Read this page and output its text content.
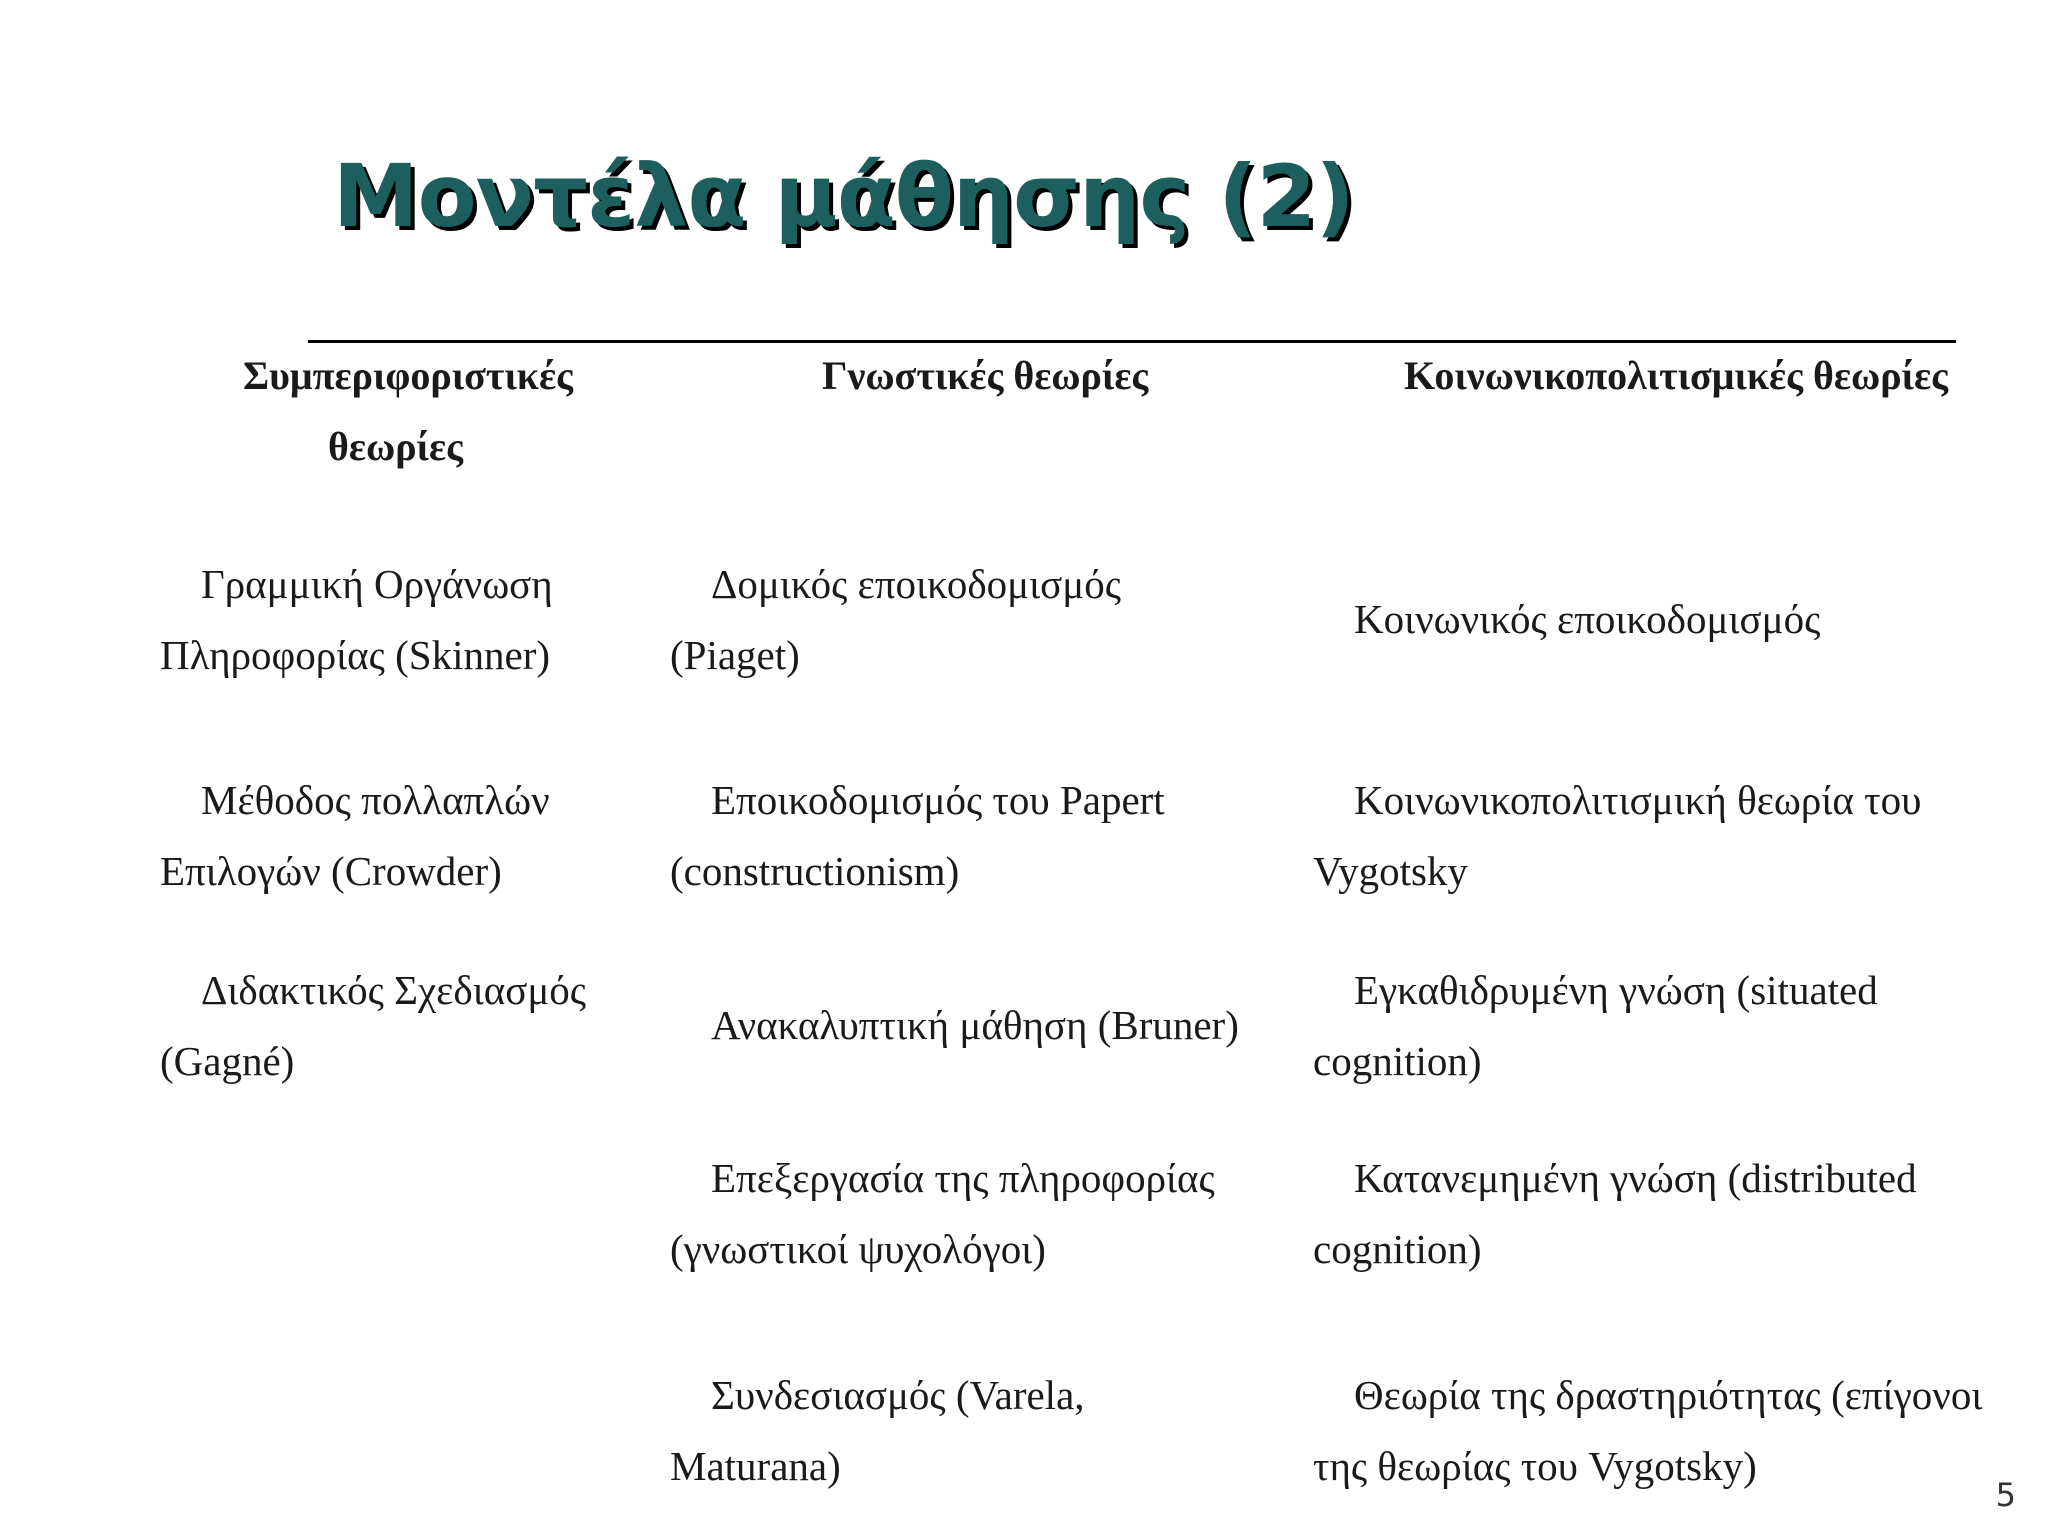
Μοντέλα μάθησης (2)
Συμπεριφοριστικές
θεωρίες
Γνωστικές θεωρίες	Κοινωνικοπολιτισμικές θεωρίες
Γραμμική Οργάνωση
Πληροφορίας (Skinner)
Μέθοδος πολλαπλών
Επιλογών (Crowder)
Διδακτικός Σχεδιασμός
(Gagné)
Δομικός εποικοδομισμός
(Piaget)
Εποικοδομισμός του Papert
(constructionism)
Ανακαλυπτική μάθηση (Bruner)
Επεξεργασία της πληροφορίας
(γνωστικοί ψυχολόγοι)
Συνδεσιασμός (Varela,
Maturana)
Κοινωνικός εποικοδομισμός
Κοινωνικοπολιτισμική θεωρία του
Vygotsky
Εγκαθιδρυμένη γνώση (situated
cognition)
Κατανεμημένη γνώση (distributed
cognition)
Θεωρία της δραστηριότητας (επίγονοι
της θεωρίας του Vygotsky)
5
